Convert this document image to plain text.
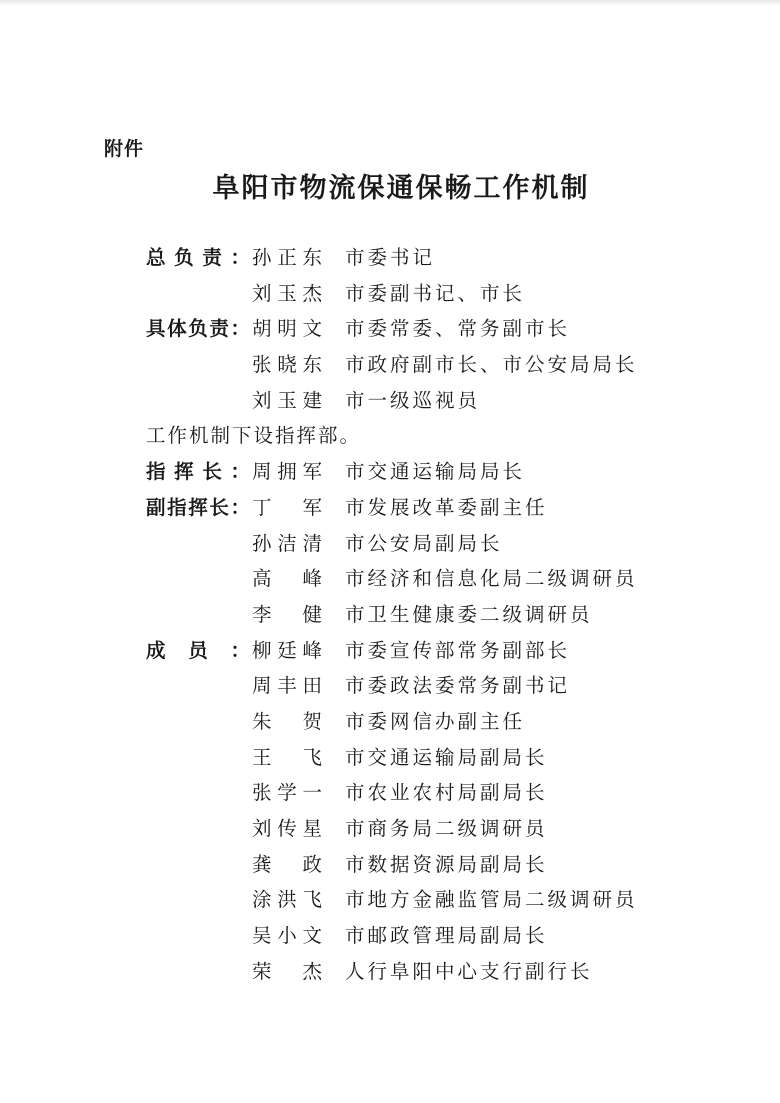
附件
阜阳市物流保通保畅工作机制
总 负 责 ： 孙 正 东 市委书记
刘 玉 杰 市委副书记、市长
具 体 负 责 ： 胡 明 文 市委常委、常务副市长
张 晓 东 市政府副市长、市公安局局长
刘 玉 建 市一级巡视员
工作机制下设指挥部。
指 挥 长 ： 周 拥 军 市交通运输局局长
副 指 挥 长 ： 丁 军 市发展改革委副主任
孙 洁 清 市公安局副局长
高 峰 市经济和信息化局二级调研员
李 健 市卫生健康委二级调研员
成 员 ： 柳 廷 峰 市委宣传部常务副部长
周 丰 田 市委政法委常务副书记
朱 贺 市委网信办副主任
王 飞 市交通运输局副局长
张 学 一 市农业农村局副局长
刘 传 星 市商务局二级调研员
龚 政 市数据资源局副局长
涂 洪 飞 市地方金融监管局二级调研员
吴 小 文 市邮政管理局副局长
荣 杰 人行阜阳中心支行副行长
